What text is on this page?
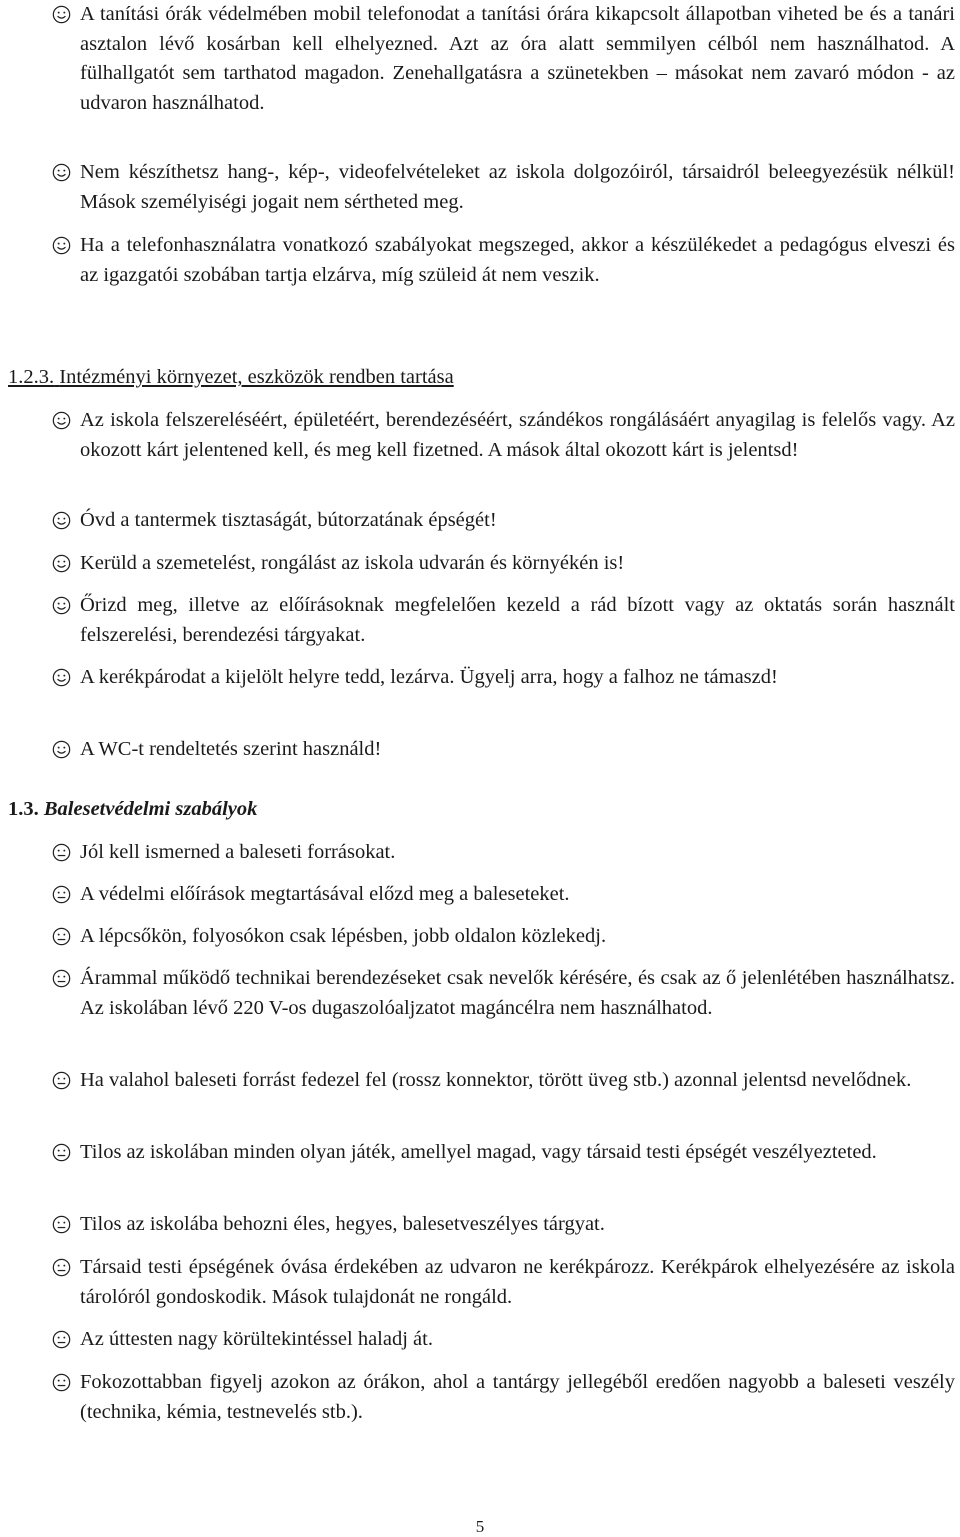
A tanítási órák védelmében mobil telefonodat a tanítási órára kikapcsolt állapotban viheted be és a tanári asztalon lévő kosárban kell elhelyezned. Azt az óra alatt semmilyen célból nem használhatod. A fülhallgatót sem tarthatod magadon. Zenehallgatásra a szünetekben – másokat nem zavaró módon - az udvaron használhatod.
Nem készíthetsz hang-, kép-, videofelvételeket az iskola dolgozóiról, társaidról beleegyezésük nélkül! Mások személyiségi jogait nem sértheted meg.
Ha a telefonhasználatra vonatkozó szabályokat megszeged, akkor a készülékedet a pedagógus elveszi és az igazgatói szobában tartja elzárva, míg szüleid át nem veszik.
1.2.3. Intézményi környezet, eszközök rendben tartása
Az iskola felszereléséért, épületéért, berendezéséért, szándékos rongálásáért anyagilag is felelős vagy. Az okozott kárt jelentened kell, és meg kell fizetned. A mások által okozott kárt is jelentsd!
Óvd a tantermek tisztaságát, bútorzatának épségét!
Kerüld a szemetelést, rongálást az iskola udvarán és környékén is!
Őrizd meg, illetve az előírásoknak megfelelően kezeld a rád bízott vagy az oktatás során használt felszerelési, berendezési tárgyakat.
A kerékpárodat a kijelölt helyre tedd, lezárva. Ügyelj arra, hogy a falhoz ne támaszd!
A WC-t rendeltetés szerint használd!
1.3. Balesetvédelmi szabályok
Jól kell ismerned a baleseti forrásokat.
A védelmi előírások megtartásával előzd meg a baleseteket.
A lépcsőkön, folyosókon csak lépésben, jobb oldalon közlekedj.
Árammal működő technikai berendezéseket csak nevelők kérésére, és csak az ő jelenlétében használhatsz. Az iskolában lévő 220 V-os dugaszolóaljzatot magáncélra nem használhatod.
Ha valahol baleseti forrást fedezel fel (rossz konnektor, törött üveg stb.) azonnal jelentsd nevelődnek.
Tilos az iskolában minden olyan játék, amellyel magad, vagy társaid testi épségét veszélyezteted.
Tilos az iskolába behozni éles, hegyes, balesetveszélyes tárgyat.
Társaid testi épségének óvása érdekében az udvaron ne kerékpározz. Kerékpárok elhelyezésére az iskola tárolóról gondoskodik. Mások tulajdonát ne rongáld.
Az úttesten nagy körültekintéssel haladj át.
Fokozottabban figyelj azokon az órákon, ahol a tantárgy jellegéből eredően nagyobb a baleseti veszély (technika, kémia, testnevelés stb.).
5
